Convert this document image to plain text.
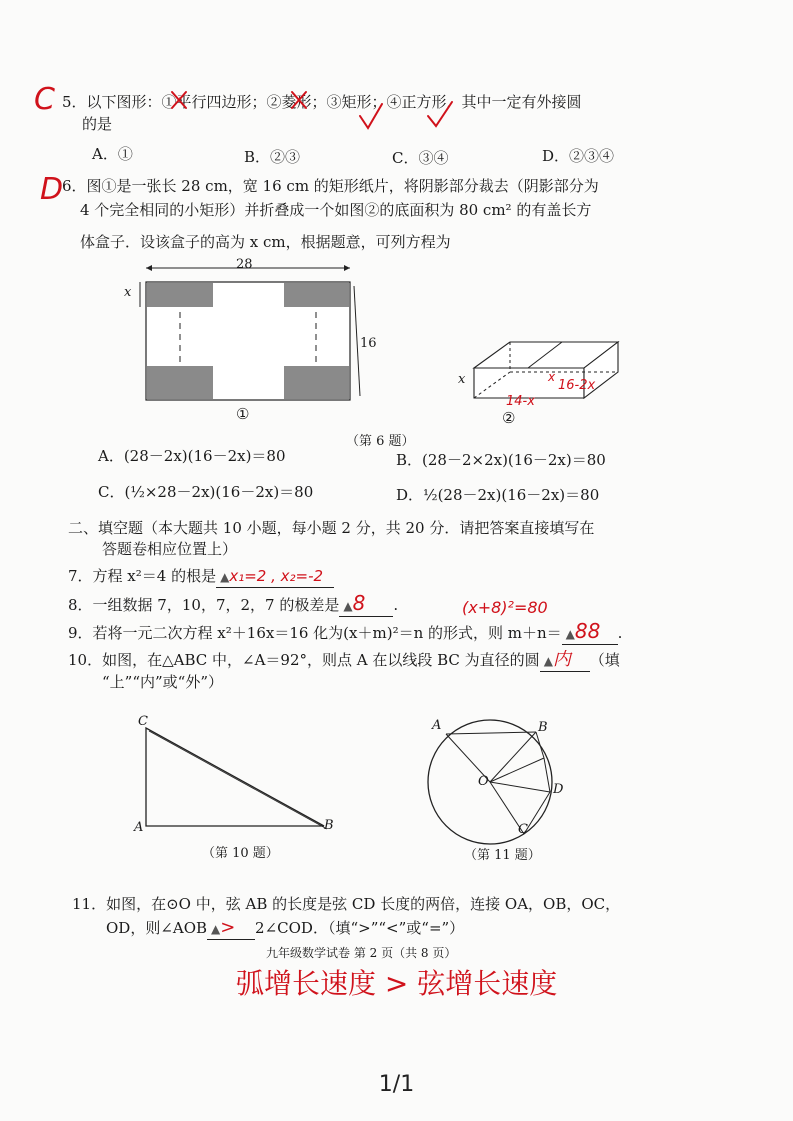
C 5．以下图形：①平行四边形；②菱形；③矩形；④正方形．其中一定有外接圆
的是
A．①	B．②③	C．③④	D．②③④
D
6．图①是一张长 28 cm，宽 16 cm 的矩形纸片，将阴影部分裁去（阴影部分为
4 个完全相同的小矩形）并折叠成一个如图②的底面积为 80 cm² 的有盖长方
体盒子．设该盒子的高为 x cm，根据题意，可列方程为
28
x
16
①
x	x
14-x
16-2x
②
（第 6 题）
A．(28－2x)(16－2x)＝80	B．(28－2×2x)(16－2x)＝80
C．(½×28－2x)(16－2x)＝80	D．½(28－2x)(16－2x)＝80
二、填空题（本大题共 10 小题，每小题 2 分，共 20 分．请把答案直接填写在
答题卷相应位置上）
7．方程 x²＝4 的根是 ▲x₁=2 , x₂=-2
8．一组数据 7，10，7，2，7 的极差是 ▲8 .	(x+8)²=80
9．若将一元二次方程 x²＋16x＝16 化为(x＋m)²＝n 的形式，则 m＋n＝ ▲88 .
10．如图，在△ABC 中，∠A＝92°，则点 A 在以线段 BC 为直径的圆 ▲内 （填
“上”“内”或“外”）
C
A	B
（第 10 题）
A	B
O
D
C
（第 11 题）
11．如图，在⊙O 中，弦 AB 的长度是弦 CD 长度的两倍，连接 OA，OB，OC，
OD，则∠AOB ▲> 2∠COD．（填“>”“<”或“=”）
九年级数学试卷 第 2 页（共 8 页）
弧增长速度 > 弦增长速度
1/1
